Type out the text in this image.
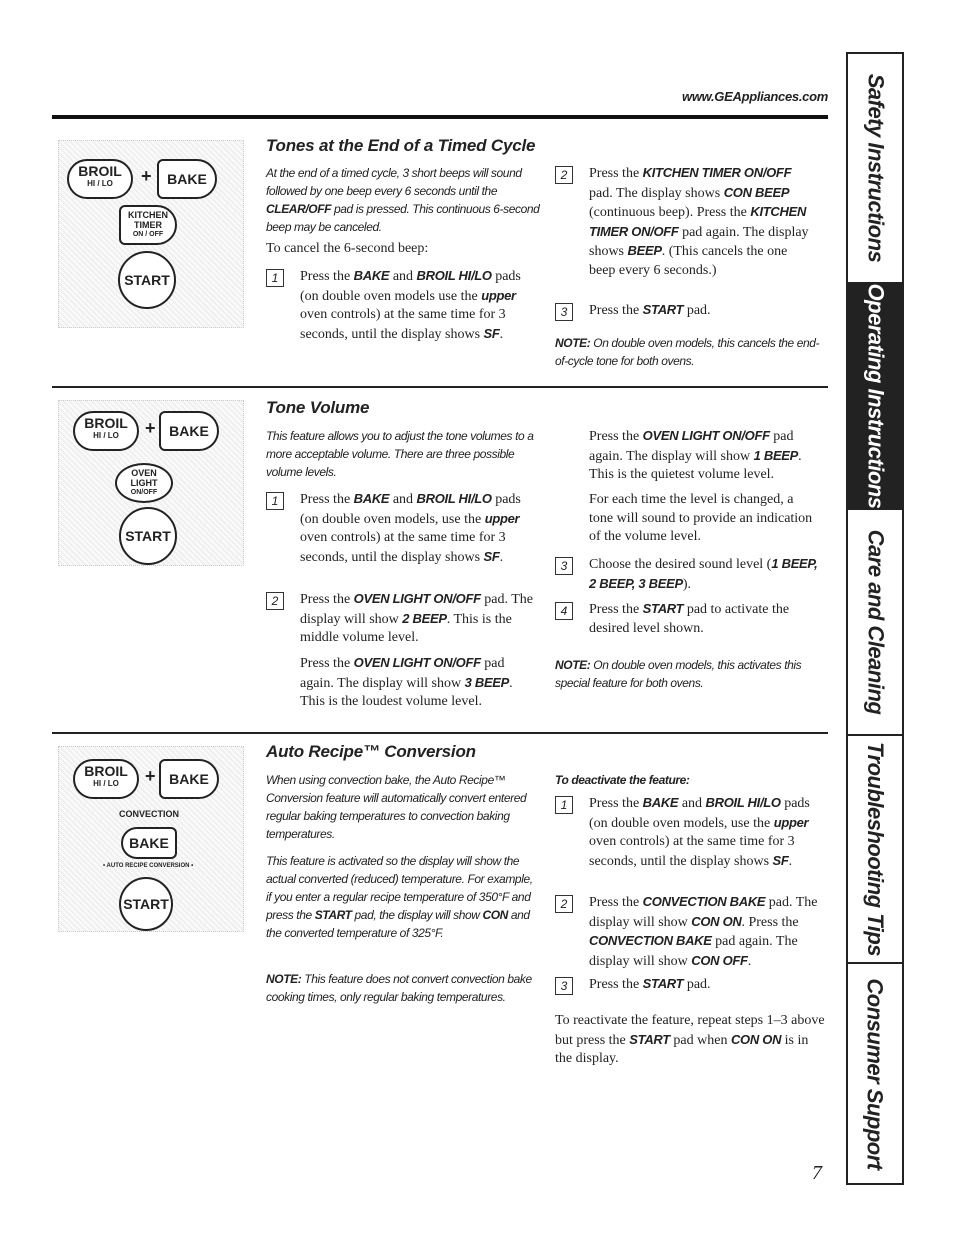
www.GEAppliances.com
BROIL
HI / LO	+	BAKE
KITCHEN TIMER
ON / OFF
START
Tones at the End of a Timed Cycle

At the end of a timed cycle, 3 short beeps will sound followed by one beep every 6 seconds until the CLEAR/OFF pad is pressed. This continuous 6-second beep may be canceled.

To cancel the 6-second beep:

1	Press the BAKE and BROIL HI/LO pads (on double oven models use the upper oven controls) at the same time for 3 seconds, until the display shows SF.
2	Press the KITCHEN TIMER ON/OFF pad. The display shows CON BEEP (continuous beep). Press the KITCHEN TIMER ON/OFF pad again. The display shows BEEP. (This cancels the one beep every 6 seconds.)
3	Press the START pad.

NOTE: On double oven models, this cancels the end-of-cycle tone for both ovens.

BROIL
HI / LO	+ BAKE
OVEN LIGHT
ON/OFF
START
Tone Volume

This feature allows you to adjust the tone volumes to a more acceptable volume. There are three possible volume levels.

1	Press the BAKE and BROIL HI/LO pads (on double oven models, use the upper oven controls) at the same time for 3 seconds, until the display shows SF.
2	Press the OVEN LIGHT ON/OFF pad. The display will show 2 BEEP. This is the middle volume level.

Press the OVEN LIGHT ON/OFF pad again. The display will show 3 BEEP. This is the loudest volume level.

Press the OVEN LIGHT ON/OFF pad again. The display will show 1 BEEP. This is the quietest volume level.

For each time the level is changed, a tone will sound to provide an indication of the volume level.

3	Choose the desired sound level (1 BEEP, 2 BEEP, 3 BEEP).
4	Press the START pad to activate the desired level shown.

NOTE: On double oven models, this activates this special feature for both ovens.

BROIL
HI / LO	+ BAKE
CONVECTION
BAKE
• AUTO RECIPE CONVERSION •
START
Auto Recipe™ Conversion

When using convection bake, the Auto Recipe™ Conversion feature will automatically convert entered regular baking temperatures to convection baking temperatures.

This feature is activated so the display will show the actual converted (reduced) temperature. For example, if you enter a regular recipe temperature of 350°F and press the START pad, the display will show CON and the converted temperature of 325°F.

NOTE: This feature does not convert convection bake cooking times, only regular baking temperatures.

To deactivate the feature:

1	Press the BAKE and BROIL HI/LO pads (on double oven models, use the upper oven controls) at the same time for 3 seconds, until the display shows SF.
2	Press the CONVECTION BAKE pad. The display will show CON ON. Press the CONVECTION BAKE pad again. The display will show CON OFF.
3	Press the START pad.

To reactivate the feature, repeat steps 1–3 above but press the START pad when CON ON is in the display.

Safety Instructions
Operating Instructions
Care and Cleaning
Troubleshooting Tips
Consumer Support
7
